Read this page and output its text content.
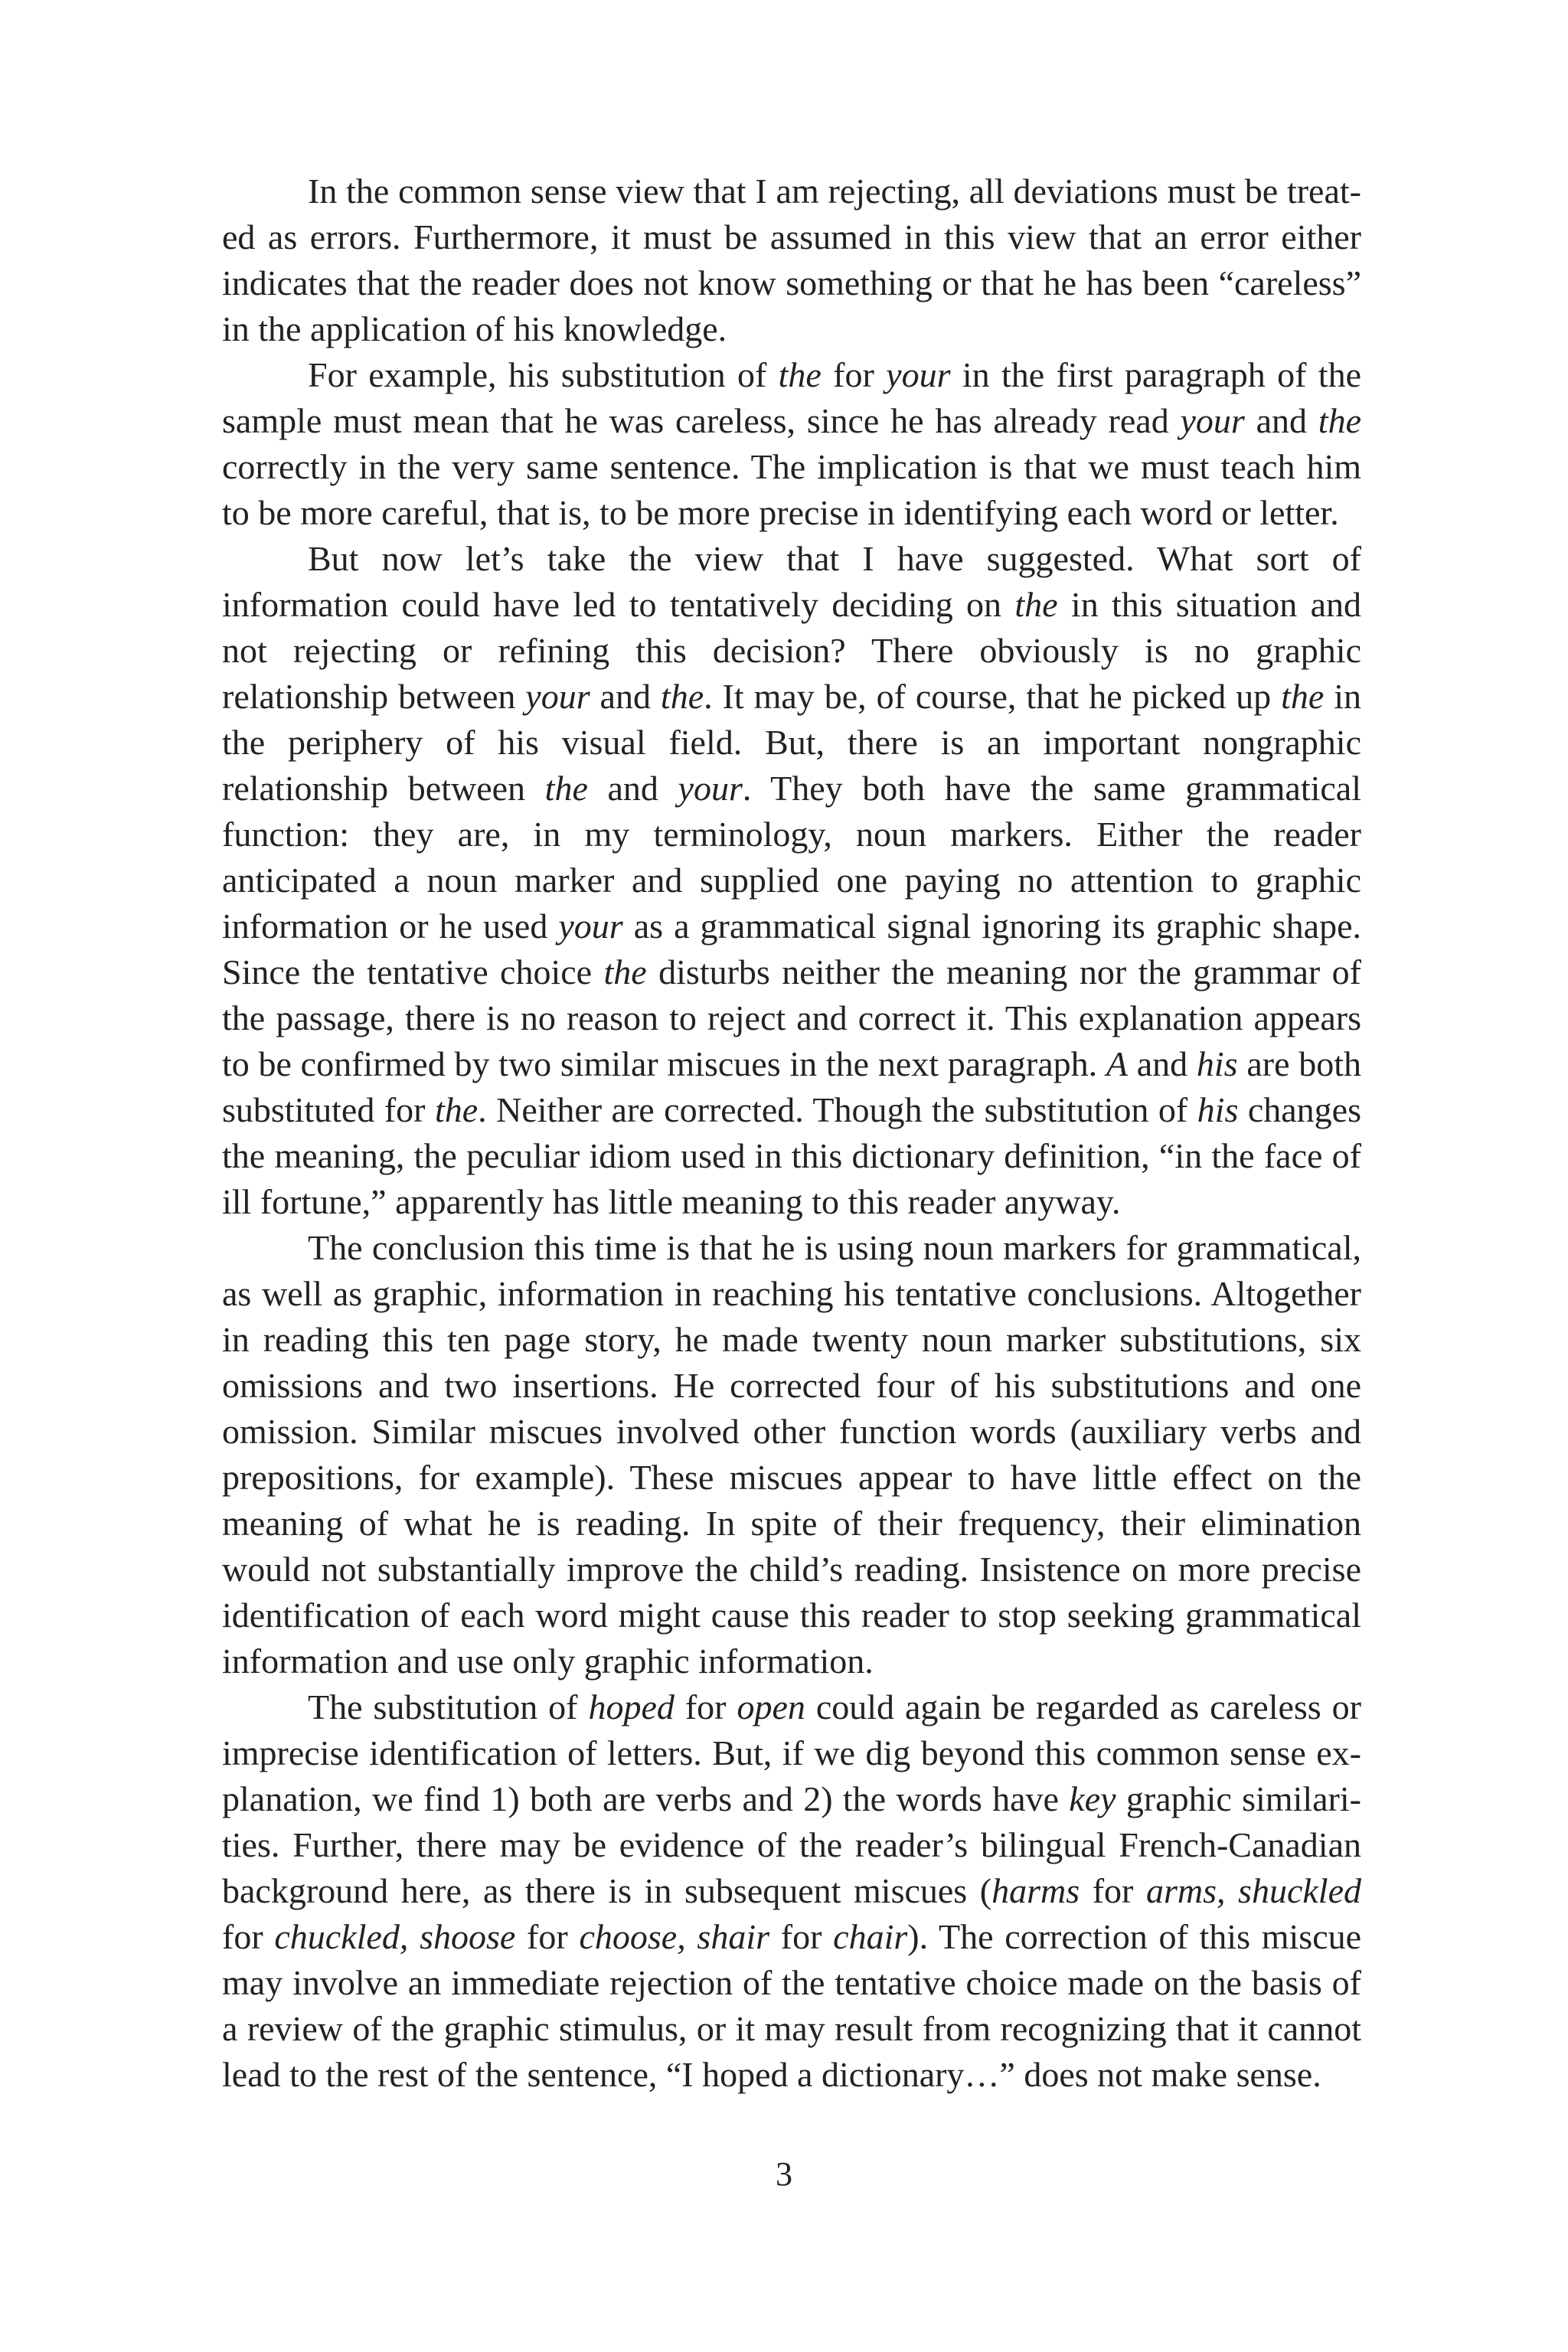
In the common sense view that I am rejecting, all deviations must be treated as errors. Furthermore, it must be assumed in this view that an error either indicates that the reader does not know something or that he has been “careless” in the application of his knowledge.

For example, his substitution of the for your in the first paragraph of the sample must mean that he was careless, since he has already read your and the correctly in the very same sentence. The implication is that we must teach him to be more careful, that is, to be more precise in identifying each word or letter.

But now let’s take the view that I have suggested. What sort of information could have led to tentatively deciding on the in this situation and not rejecting or refining this decision? There obviously is no graphic relationship between your and the. It may be, of course, that he picked up the in the periphery of his visual field. But, there is an important nongraphic relationship between the and your. They both have the same grammatical function: they are, in my terminology, noun markers. Either the reader anticipated a noun marker and supplied one paying no attention to graphic information or he used your as a grammatical signal ignoring its graphic shape. Since the tentative choice the disturbs neither the meaning nor the grammar of the passage, there is no reason to reject and correct it. This explanation appears to be confirmed by two similar miscues in the next paragraph. A and his are both substituted for the. Neither are corrected. Though the substitution of his changes the meaning, the peculiar idiom used in this dictionary definition, “in the face of ill fortune,” apparently has little meaning to this reader anyway.

The conclusion this time is that he is using noun markers for grammatical, as well as graphic, information in reaching his tentative conclusions. Altogether in reading this ten page story, he made twenty noun marker substitutions, six omissions and two insertions. He corrected four of his substitutions and one omission. Similar miscues involved other function words (auxiliary verbs and prepositions, for example). These miscues appear to have little effect on the meaning of what he is reading. In spite of their frequency, their elimination would not substantially improve the child’s reading. Insistence on more precise identification of each word might cause this reader to stop seeking grammatical information and use only graphic information.

The substitution of hoped for open could again be regarded as careless or imprecise identification of letters. But, if we dig beyond this common sense explanation, we find 1) both are verbs and 2) the words have key graphic similarities. Further, there may be evidence of the reader’s bilingual French-Canadian background here, as there is in subsequent miscues (harms for arms, shuckled for chuckled, shoose for choose, shair for chair). The correction of this miscue may involve an immediate rejection of the tentative choice made on the basis of a review of the graphic stimulus, or it may result from recognizing that it cannot lead to the rest of the sentence, “I hoped a dictionary…” does not make sense.

3
